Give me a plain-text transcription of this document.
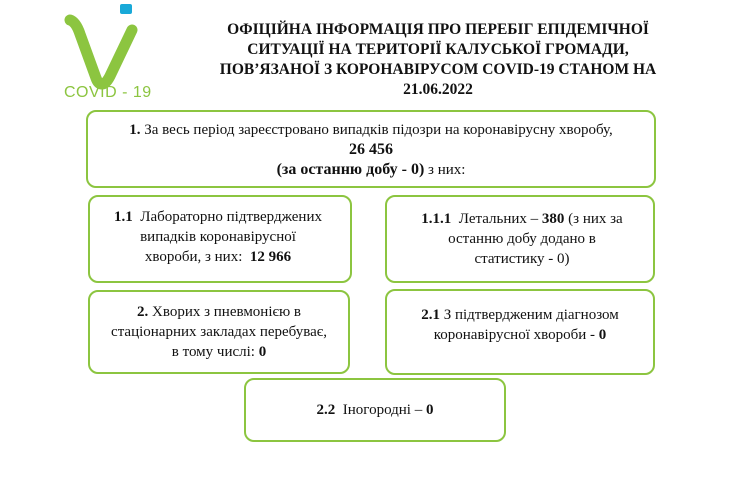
COVID - 19
ОФІЦІЙНА ІНФОРМАЦІЯ ПРО ПЕРЕБІГ ЕПІДЕМІЧНОЇ
СИТУАЦІЇ НА ТЕРИТОРІЇ КАЛУСЬКОЇ ГРОМАДИ,
ПОВ’ЯЗАНОЇ З КОРОНАВІРУСОМ COVID-19 СТАНОМ НА
21.06.2022
1. За весь період зареєстровано випадків підозри на коронавірусну хворобу,
26 456
(за останню добу - 0) з них:
1.1 Лабораторно підтверджених
випадків коронавірусної
хвороби, з них: 12 966
1.1.1 Летальних – 380 (з них за
останню добу додано в
статистику - 0)
2. Хворих з пневмонією в
стаціонарних закладах перебуває,
в тому числі: 0
2.1 З підтвердженим діагнозом
коронавірусної хвороби - 0
2.2 Іногородні – 0
